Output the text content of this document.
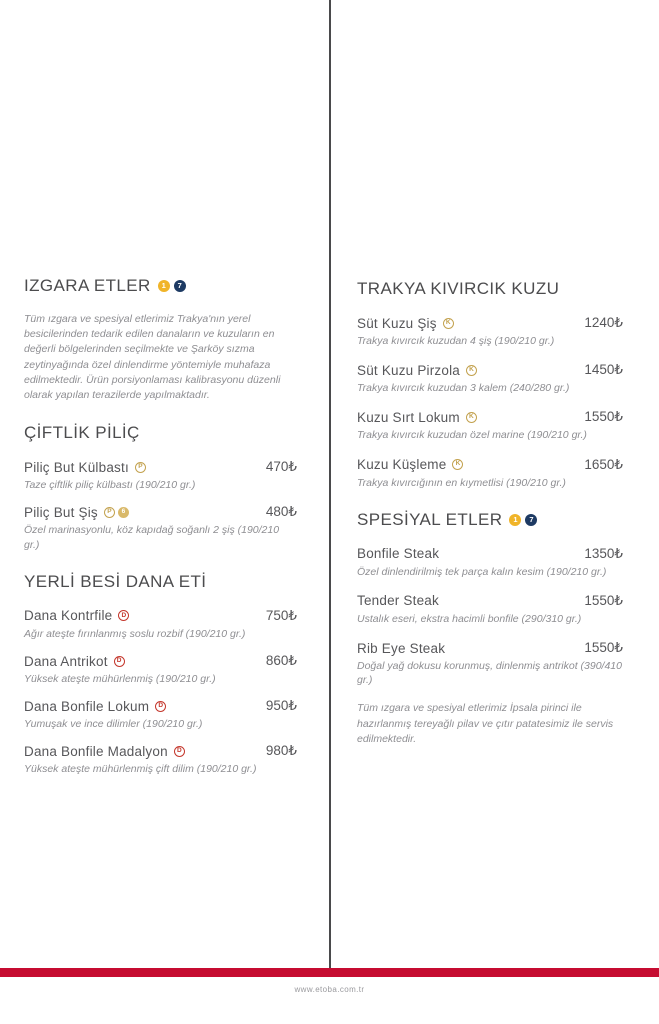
IZGARA ETLER	1	7

Tüm ızgara ve spesiyal etlerimiz Trakya'nın yerel besicilerinden tedarik edilen danaların ve kuzuların en değerli bölgelerinden seçilmekte ve Şarköy sızma zeytinyağında özel dinlendirme yöntemiyle muhafaza edilmektedir. Ürün porsiyonlaması kalibrasyonu düzenli olarak yapılan terazilerde yapılmaktadır.

ÇİFTLİK PİLİÇ
Piliç But Külbastı	P	470₺
Taze çiftlik piliç külbastı (190/210 gr.)
Piliç But Şiş	P	6	480₺
Özel marinasyonlu, köz kapıdağ soğanlı 2 şiş (190/210 gr.)
YERLİ BESİ DANA ETİ
Dana Kontrfile	D	750₺
Ağır ateşte fırınlanmış soslu rozbif (190/210 gr.)
Dana Antrikot	D	860₺
Yüksek ateşte mühürlenmiş (190/210 gr.)
Dana Bonfile Lokum	D	950₺
Yumuşak ve ince dilimler (190/210 gr.)
Dana Bonfile Madalyon	D	980₺
Yüksek ateşte mühürlenmiş çift dilim (190/210 gr.)
TRAKYA KIVIRCIK KUZU
Süt Kuzu Şiş	K	1240₺
Trakya kıvırcık kuzudan 4 şiş (190/210 gr.)
Süt Kuzu Pirzola	K	1450₺
Trakya kıvırcık kuzudan 3 kalem (240/280 gr.)
Kuzu Sırt Lokum	K	1550₺
Trakya kıvırcık kuzudan özel marine (190/210 gr.)
Kuzu Küşleme	K	1650₺
Trakya kıvırcığının en kıymetlisi (190/210 gr.)
SPESİYAL ETLER	1	7
Bonfile Steak	1350₺
Özel dinlendirilmiş tek parça kalın kesim (190/210 gr.)
Tender Steak	1550₺
Ustalık eseri, ekstra hacimli bonfile (290/310 gr.)
Rib Eye Steak	1550₺
Doğal yağ dokusu korunmuş, dinlenmiş antrikot (390/410 gr.)

Tüm ızgara ve spesiyal etlerimiz İpsala pirinci ile hazırlanmış tereyağlı pilav ve çıtır patatesimiz ile servis edilmektedir.

www.etoba.com.tr
